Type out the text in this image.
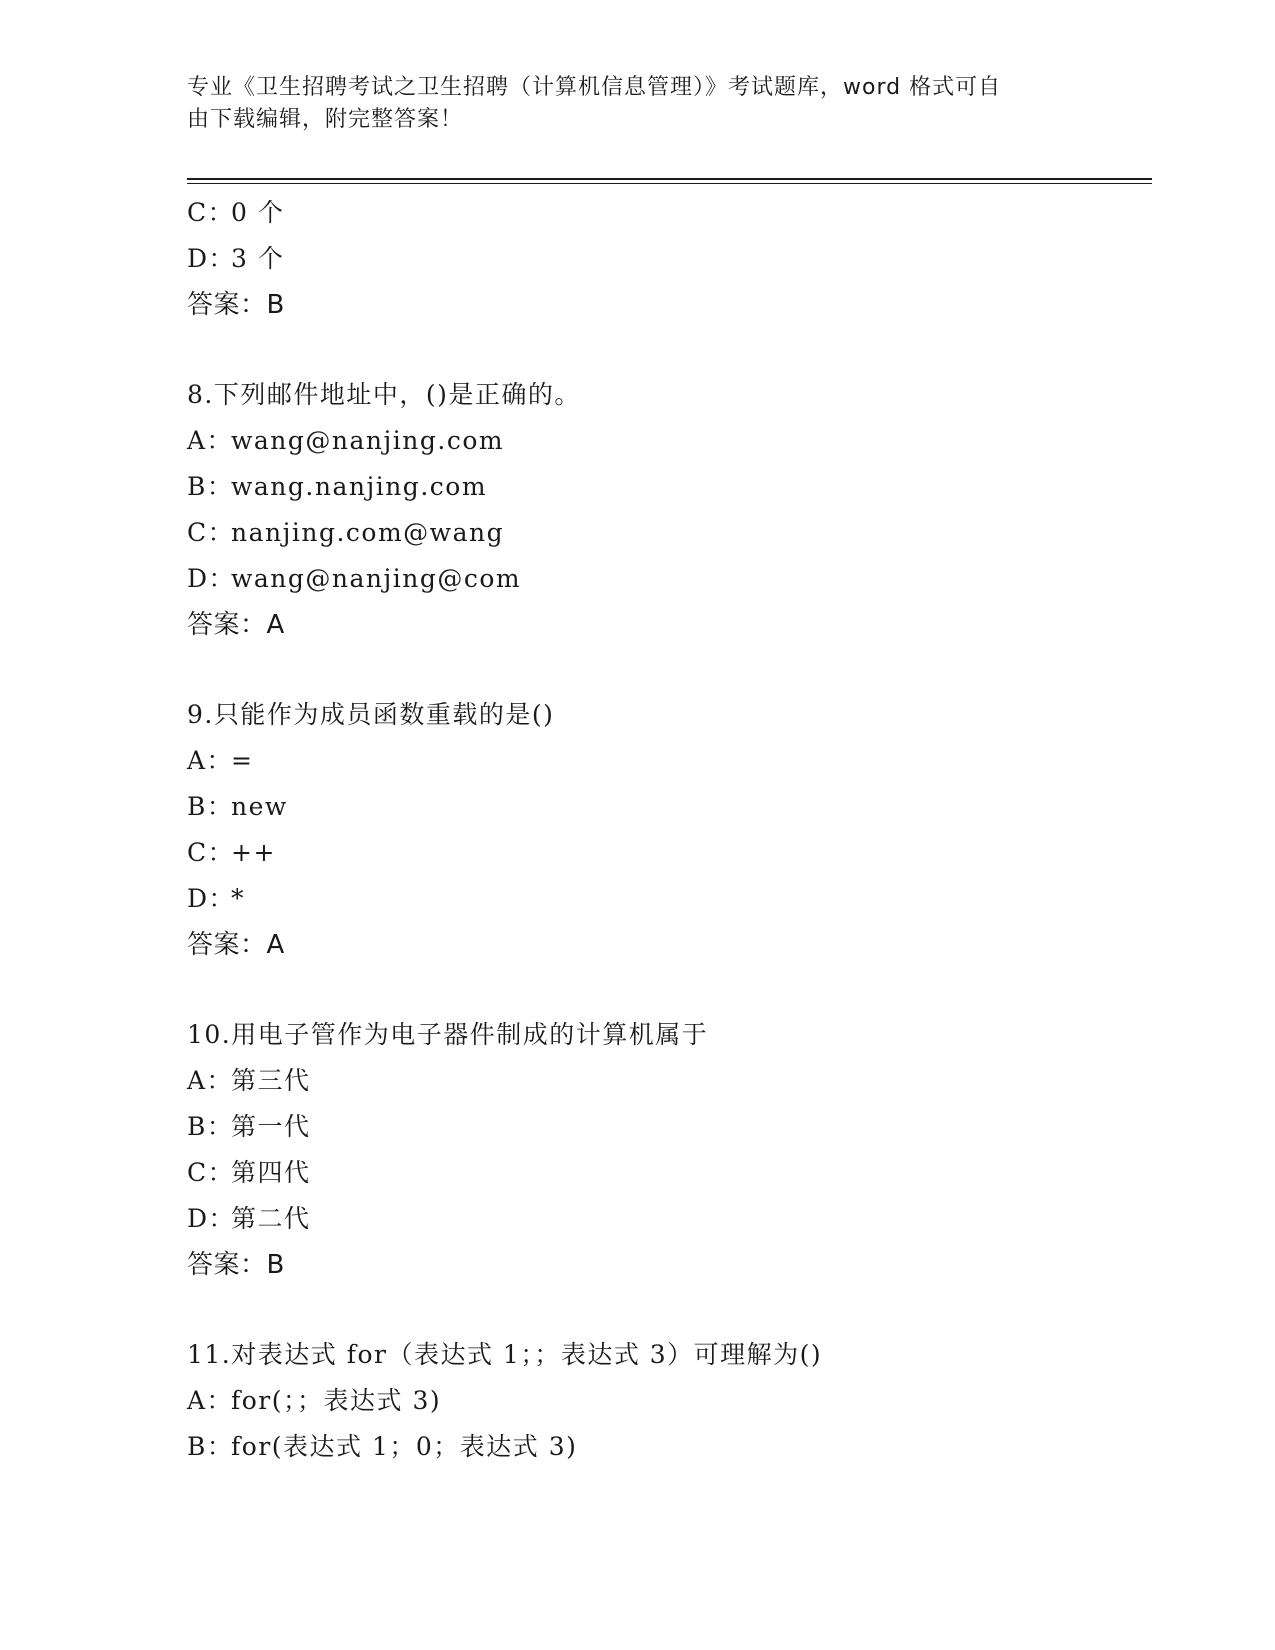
专业《卫生招聘考试之卫生招聘（计算机信息管理）》考试题库，word 格式可自

由下载编辑，附完整答案！

C：0 个
D：3 个
答案：B
8.下列邮件地址中，()是正确的。
A：wang@nanjing.com
B：wang.nanjing.com
C：nanjing.com@wang
D：wang@nanjing@com
答案：A
9.只能作为成员函数重载的是()
A：=
B：new
C：++
D：*
答案：A
10.用电子管作为电子器件制成的计算机属于
A：第三代
B：第一代
C：第四代
D：第二代
答案：B
11.对表达式 for（表达式 1；；表达式 3）可理解为()
A：for(；；表达式 3)
B：for(表达式 1；0；表达式 3)
